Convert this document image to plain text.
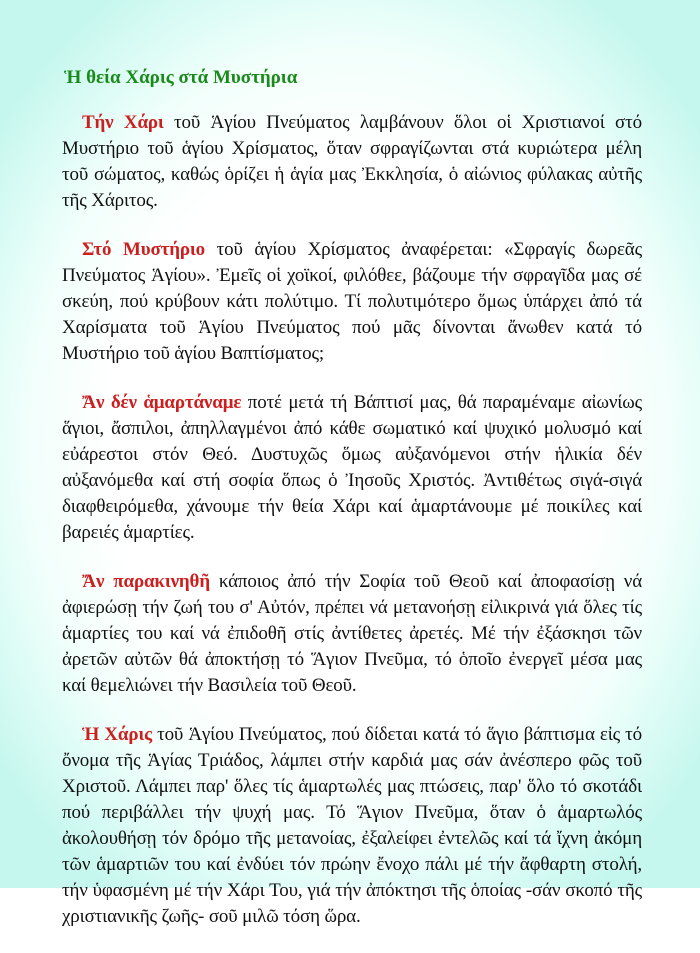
Ἡ θεία Χάρις στά Μυστήρια

Τήν Χάρι τοῦ Ἁγίου Πνεύματος λαμβάνουν ὅλοι οἱ Χριστιανοί στό Μυστήριο τοῦ ἁγίου Χρίσματος, ὅταν σφραγίζωνται στά κυριώτερα μέλη τοῦ σώματος, καθώς ὁρίζει ἡ ἁγία μας Ἐκκλησία, ὁ αἰώνιος φύλακας αὐτῆς τῆς Χάριτος.

Στό Μυστήριο τοῦ ἁγίου Χρίσματος ἀναφέρεται: «Σφραγίς δωρεᾶς Πνεύματος Ἁγίου». Ἐμεῖς οἱ χοϊκοί, φιλόθεε, βάζουμε τήν σφραγῖδα μας σέ σκεύη, πού κρύβουν κάτι πολύτιμο. Τί πολυτιμότερο ὅμως ὑπάρχει ἀπό τά Χαρίσματα τοῦ Ἁγίου Πνεύματος πού μᾶς δίνονται ἄνωθεν κατά τό Μυστήριο τοῦ ἁγίου Βαπτίσματος;

Ἄν δέν ἁμαρτάναμε ποτέ μετά τή Βάπτισί μας, θά παραμέναμε αἰωνίως ἅγιοι, ἄσπιλοι, ἀπηλλαγμένοι ἀπό κάθε σωματικό καί ψυχικό μολυσμό καί εὐάρεστοι στόν Θεό. Δυστυχῶς ὅμως αὐξανόμενοι στήν ἡλικία δέν αὐξανόμεθα καί στή σοφία ὅπως ὁ Ἰησοῦς Χριστός. Ἀντιθέτως σιγά-σιγά διαφθειρόμεθα, χάνουμε τήν θεία Χάρι καί ἁμαρτάνουμε μέ ποικίλες καί βαρειές ἁμαρτίες.

Ἄν παρακινηθῆ κάποιος ἀπό τήν Σοφία τοῦ Θεοῦ καί ἀποφασίσῃ νά ἀφιερώσῃ τήν ζωή του σ' Αὐτόν, πρέπει νά μετανοήσῃ εἰλικρινά γιά ὅλες τίς ἁμαρτίες του καί νά ἐπιδοθῆ στίς ἀντίθετες ἀρετές. Μέ τήν ἐξάσκησι τῶν ἀρετῶν αὐτῶν θά ἀποκτήσῃ τό Ἅγιον Πνεῦμα, τό ὁποῖο ἐνεργεῖ μέσα μας καί θεμελιώνει τήν Βασιλεία τοῦ Θεοῦ.

Ἡ Χάρις τοῦ Ἁγίου Πνεύματος, πού δίδεται κατά τό ἅγιο βάπτισμα εἰς τό ὄνομα τῆς Ἁγίας Τριάδος, λάμπει στήν καρδιά μας σάν ἀνέσπερο φῶς τοῦ Χριστοῦ. Λάμπει παρ' ὅλες τίς ἁμαρτωλές μας πτώσεις, παρ' ὅλο τό σκοτάδι πού περιβάλλει τήν ψυχή μας. Τό Ἅγιον Πνεῦμα, ὅταν ὁ ἁμαρτωλός ἀκολουθήσῃ τόν δρόμο τῆς μετανοίας, ἐξαλείφει ἐντελῶς καί τά ἴχνη ἀκόμη τῶν ἁμαρτιῶν του καί ἐνδύει τόν πρώην ἔνοχο πάλι μέ τήν ἄφθαρτη στολή, τήν ὑφασμένη μέ τήν Χάρι Του, γιά τήν ἀπόκτησι τῆς ὁποίας -σάν σκοπό τῆς χριστιανικῆς ζωῆς- σοῦ μιλῶ τόση ὥρα.
